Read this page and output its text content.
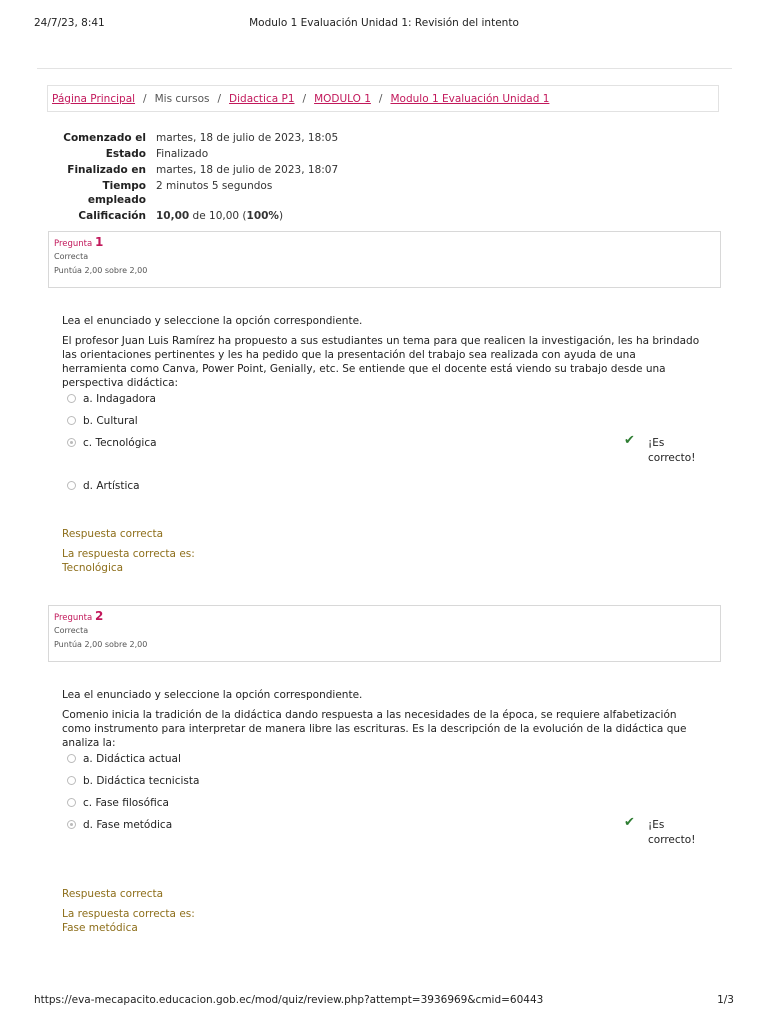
24/7/23, 8:41	Modulo 1 Evaluación Unidad 1: Revisión del intento
Página Principal / Mis cursos / Didactica P1 / MODULO 1 / Modulo 1 Evaluación Unidad 1
Comenzado el martes, 18 de julio de 2023, 18:05
Estado Finalizado
Finalizado en martes, 18 de julio de 2023, 18:07
Tiempo
empleado
2 minutos 5 segundos
Calificación 10,00 de 10,00 (100%)
Pregunta 1
Correcta
Puntúa 2,00 sobre 2,00

Lea el enunciado y seleccione la opción correspondiente.

El profesor Juan Luis Ramírez ha propuesto a sus estudiantes un tema para que realicen la investigación, les ha brindado las orientaciones pertinentes y les ha pedido que la presentación del trabajo sea realizada con ayuda de una herramienta como Canva, Power Point, Genially, etc. Se entiende que el docente está viendo su trabajo desde una perspectiva didáctica:

a. Indagadora
b. Cultural
c. Tecnológica	✔ ¡Es correcto!
d. Artística
Respuesta correcta
La respuesta correcta es:
Tecnológica
Pregunta 2
Correcta
Puntúa 2,00 sobre 2,00

Lea el enunciado y seleccione la opción correspondiente.

Comenio inicia la tradición de la didáctica dando respuesta a las necesidades de la época, se requiere alfabetización como instrumento para interpretar de manera libre las escrituras. Es la descripción de la evolución de la didáctica que analiza la:

a. Didáctica actual
b. Didáctica tecnicista
c. Fase filosófica
d. Fase metódica	✔ ¡Es correcto!
Respuesta correcta
La respuesta correcta es:
Fase metódica
https://eva-mecapacito.educacion.gob.ec/mod/quiz/review.php?attempt=3936969&cmid=60443	1/3
